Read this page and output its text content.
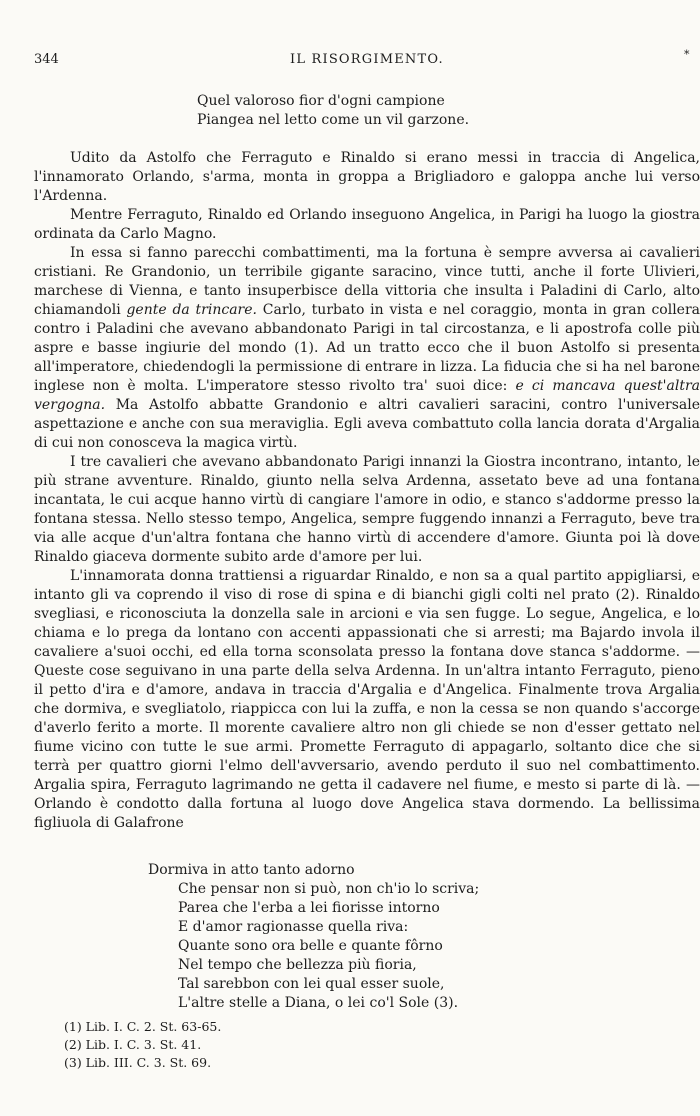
344	IL RISORGIMENTO.	*
Quel valoroso fior d'ogni campione
Piangea nel letto come un vil garzone.

Udito da Astolfo che Ferraguto e Rinaldo si erano messi in traccia di Angelica, l'innamorato Orlando, s'arma, monta in groppa a Brigliadoro e galoppa anche lui verso l'Ardenna.

Mentre Ferraguto, Rinaldo ed Orlando inseguono Angelica, in Parigi ha luogo la giostra ordinata da Carlo Magno.

In essa si fanno parecchi combattimenti, ma la fortuna è sempre avversa ai cavalieri cristiani. Re Grandonio, un terribile gigante saracino, vince tutti, anche il forte Ulivieri, marchese di Vienna, e tanto insuperbisce della vittoria che insulta i Paladini di Carlo, alto chiamandoli gente da trincare. Carlo, turbato in vista e nel coraggio, monta in gran collera contro i Paladini che avevano abbandonato Parigi in tal circostanza, e li apostrofa colle più aspre e basse ingiurie del mondo (1). Ad un tratto ecco che il buon Astolfo si presenta all'imperatore, chiedendogli la permissione di entrare in lizza. La fiducia che si ha nel barone inglese non è molta. L'imperatore stesso rivolto tra' suoi dice: e ci mancava quest'altra vergogna. Ma Astolfo abbatte Grandonio e altri cavalieri saracini, contro l'universale aspettazione e anche con sua meraviglia. Egli aveva combattuto colla lancia dorata d'Argalia di cui non conosceva la magica virtù.

I tre cavalieri che avevano abbandonato Parigi innanzi la Giostra incontrano, intanto, le più strane avventure. Rinaldo, giunto nella selva Ardenna, assetato beve ad una fontana incantata, le cui acque hanno virtù di cangiare l'amore in odio, e stanco s'addorme presso la fontana stessa. Nello stesso tempo, Angelica, sempre fuggendo innanzi a Ferraguto, beve tra via alle acque d'un'altra fontana che hanno virtù di accendere d'amore. Giunta poi là dove Rinaldo giaceva dormente subito arde d'amore per lui.

L'innamorata donna trattiensi a riguardar Rinaldo, e non sa a qual partito appigliarsi, e intanto gli va coprendo il viso di rose di spina e di bianchi gigli colti nel prato (2). Rinaldo svegliasi, e riconosciuta la donzella sale in arcioni e via sen fugge. Lo segue, Angelica, e lo chiama e lo prega da lontano con accenti appassionati che si arresti; ma Bajardo invola il cavaliere a'suoi occhi, ed ella torna sconsolata presso la fontana dove stanca s'addorme. — Queste cose seguivano in una parte della selva Ardenna. In un'altra intanto Ferraguto, pieno il petto d'ira e d'amore, andava in traccia d'Argalia e d'Angelica. Finalmente trova Argalia che dormiva, e svegliatolo, riappicca con lui la zuffa, e non la cessa se non quando s'accorge d'averlo ferito a morte. Il morente cavaliere altro non gli chiede se non d'esser gettato nel fiume vicino con tutte le sue armi. Promette Ferraguto di appagarlo, soltanto dice che si terrà per quattro giorni l'elmo dell'avversario, avendo perduto il suo nel combattimento. Argalia spira, Ferraguto lagrimando ne getta il cadavere nel fiume, e mesto si parte di là. — Orlando è condotto dalla fortuna al luogo dove Angelica stava dormendo. La bellissima figliuola di Galafrone

Dormiva in atto tanto adorno
Che pensar non si può, non ch'io lo scriva;
Parea che l'erba a lei fiorisse intorno
E d'amor ragionasse quella riva:
Quante sono ora belle e quante fôrno
Nel tempo che bellezza più fioria,
Tal sarebbon con lei qual esser suole,
L'altre stelle a Diana, o lei co'l Sole (3).
(1) Lib. I. C. 2. St. 63-65.
(2) Lib. I. C. 3. St. 41.
(3) Lib. III. C. 3. St. 69.
